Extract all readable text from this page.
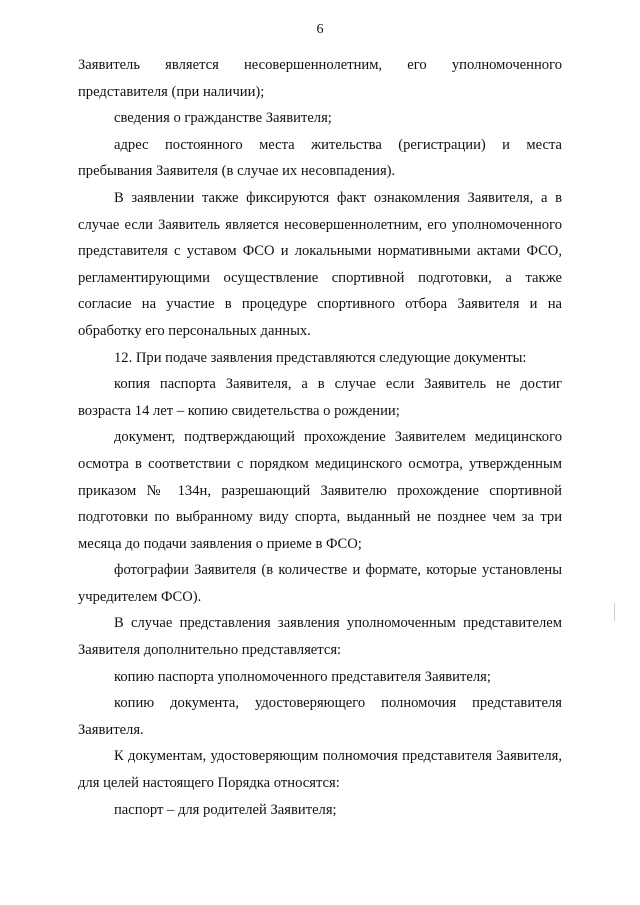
6

Заявитель является несовершеннолетним, его уполномоченного представителя (при наличии);

сведения о гражданстве Заявителя;

адрес постоянного места жительства (регистрации) и места пребывания Заявителя (в случае их несовпадения).

В заявлении также фиксируются факт ознакомления Заявителя, а в случае если Заявитель является несовершеннолетним, его уполномоченного представителя с уставом ФСО и локальными нормативными актами ФСО, регламентирующими осуществление спортивной подготовки, а также согласие на участие в процедуре спортивного отбора Заявителя и на обработку его персональных данных.

12. При подаче заявления представляются следующие документы:

копия паспорта Заявителя, а в случае если Заявитель не достиг возраста 14 лет – копию свидетельства о рождении;

документ, подтверждающий прохождение Заявителем медицинского осмотра в соответствии с порядком медицинского осмотра, утвержденным приказом № 134н, разрешающий Заявителю прохождение спортивной подготовки по выбранному виду спорта, выданный не позднее чем за три месяца до подачи заявления о приеме в ФСО;

фотографии Заявителя (в количестве и формате, которые установлены учредителем ФСО).

В случае представления заявления уполномоченным представителем Заявителя дополнительно представляется:

копию паспорта уполномоченного представителя Заявителя;

копию документа, удостоверяющего полномочия представителя Заявителя.

К документам, удостоверяющим полномочия представителя Заявителя, для целей настоящего Порядка относятся:

паспорт – для родителей Заявителя;
